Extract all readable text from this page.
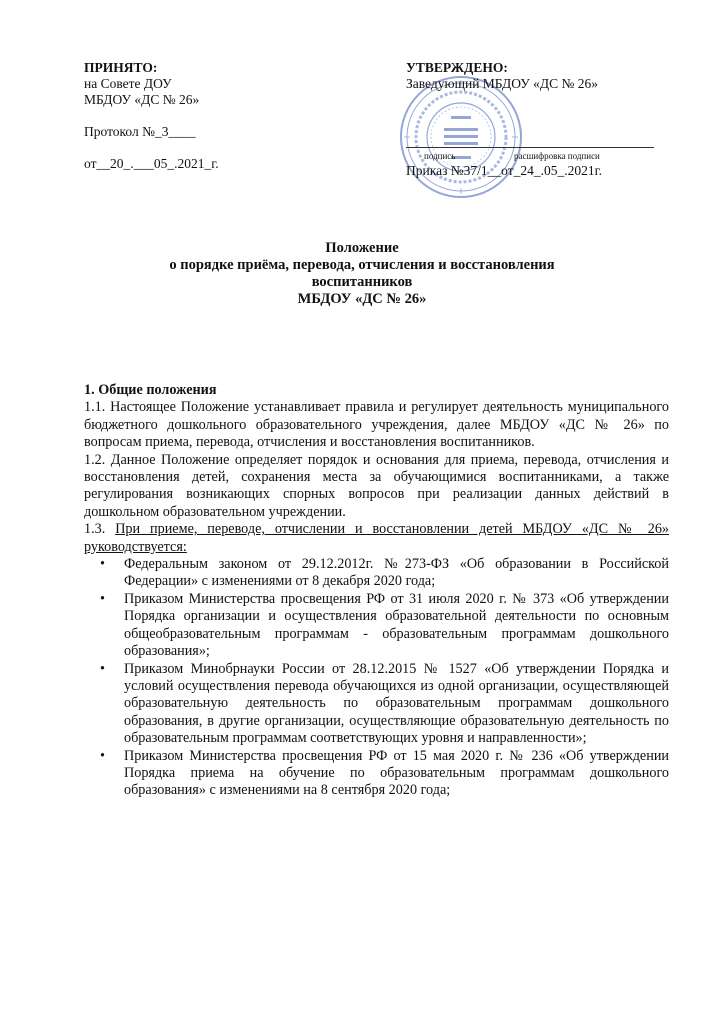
ПРИНЯТО:
на Совете ДОУ
МБДОУ «ДС № 26»
Протокол №_3____
от__20_.___05_.2021_г.
УТВЕРЖДЕНО:
Заведующий МБДОУ «ДС № 26»
подпись	расшифровка подписи
Приказ №37/1__от_24_.05_.2021г.
Положение
о порядке приёма, перевода, отчисления и восстановления
воспитанников
МБДОУ «ДС № 26»

1. Общие положения

1.1. Настоящее Положение устанавливает правила и регулирует деятельность муниципального бюджетного дошкольного образовательного учреждения, далее МБДОУ «ДС № 26» по вопросам приема, перевода, отчисления и восстановления воспитанников.

1.2. Данное Положение определяет порядок и основания для приема, перевода, отчисления и восстановления детей, сохранения места за обучающимися воспитанниками, а также регулирования возникающих спорных вопросов при реализации данных действий в дошкольном образовательном учреждении.

1.3. При приеме, переводе, отчислении и восстановлении детей МБДОУ «ДС № 26» руководствуется:

• Федеральным законом от 29.12.2012г. №273-ФЗ «Об образовании в Российской Федерации» с изменениями от 8 декабря 2020 года;
• Приказом Министерства просвещения РФ от 31 июля 2020 г. № 373 «Об утверждении Порядка организации и осуществления образовательной деятельности по основным общеобразовательным программам - образовательным программам дошкольного образования»;
• Приказом Минобрнауки России от 28.12.2015 № 1527 «Об утверждении Порядка и условий осуществления перевода обучающихся из одной организации, осуществляющей образовательную деятельность по образовательным программам дошкольного образования, в другие организации, осуществляющие образовательную деятельность по образовательным программам соответствующих уровня и направленности»;
• Приказом Министерства просвещения РФ от 15 мая 2020 г. № 236 «Об утверждении Порядка приема на обучение по образовательным программам дошкольного образования» с изменениями на 8 сентября 2020 года;
